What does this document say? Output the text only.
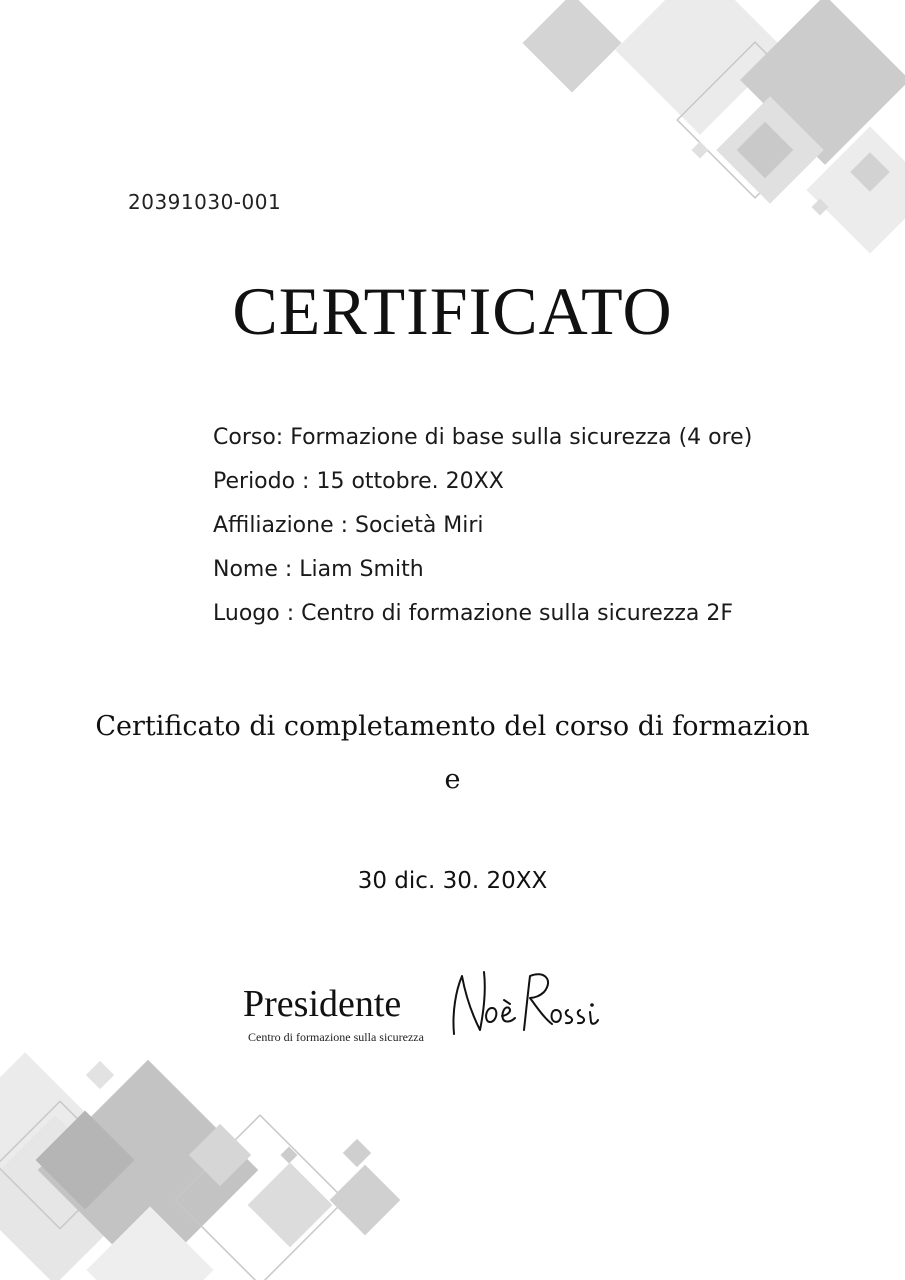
20391030-001
CERTIFICATO
Corso: Formazione di base sulla sicurezza (4 ore)
Periodo : 15 ottobre. 20XX
Affiliazione : Società Miri
Nome : Liam Smith
Luogo : Centro di formazione sulla sicurezza 2F
Certificato di completamento del corso di formazione
30 dic. 30. 20XX
Presidente
Centro di formazione sulla sicurezza
